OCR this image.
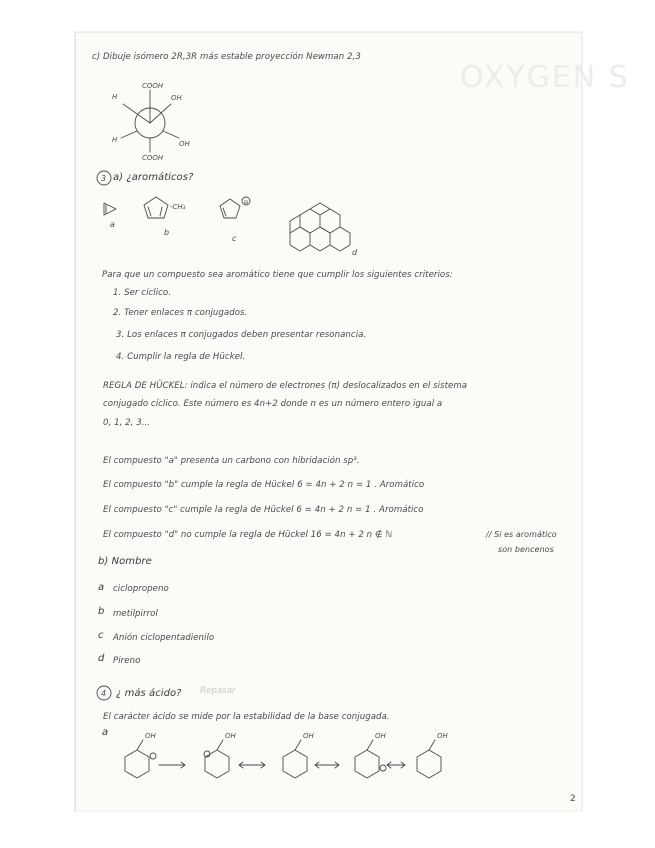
OXYGEN S
c) Dibuje isómero 2R,3R más estable proyección Newman 2,3
COOH
OH
H
H	OH
COOH
3 a) ¿aromáticos?
a
-CH₃
b
⊖
c
d
Para que un compuesto sea aromático tiene que cumplir los siguientes criterios:
1. Ser cíclico.
2. Tener enlaces π conjugados.
3. Los enlaces π conjugados deben presentar resonancia.
4. Cumplir la regla de Hückel.
REGLA DE HÜCKEL: indica el número de electrones (π) deslocalizados en el sistema
conjugado cíclico. Este número es 4n+2 donde n es un número entero igual a
0, 1, 2, 3...
El compuesto "a" presenta un carbono con hibridación sp³.
El compuesto "b" cumple la regla de Hückel 6 = 4n + 2 n = 1 . Aromático
El compuesto "c" cumple la regla de Hückel 6 = 4n + 2 n = 1 . Aromático
El compuesto "d" no cumple la regla de Hückel 16 = 4n + 2 n ∉ ℕ	// Si es aromático
son bencenos
b) Nombre
a ciclopropeno
b metilpirrol
c Anión ciclopentadienilo
d Pireno
4 ¿ más ácido? Repasar
El carácter ácido se mide por la estabilidad de la base conjugada.
a	OH	OH	OH	OH	OH
2
